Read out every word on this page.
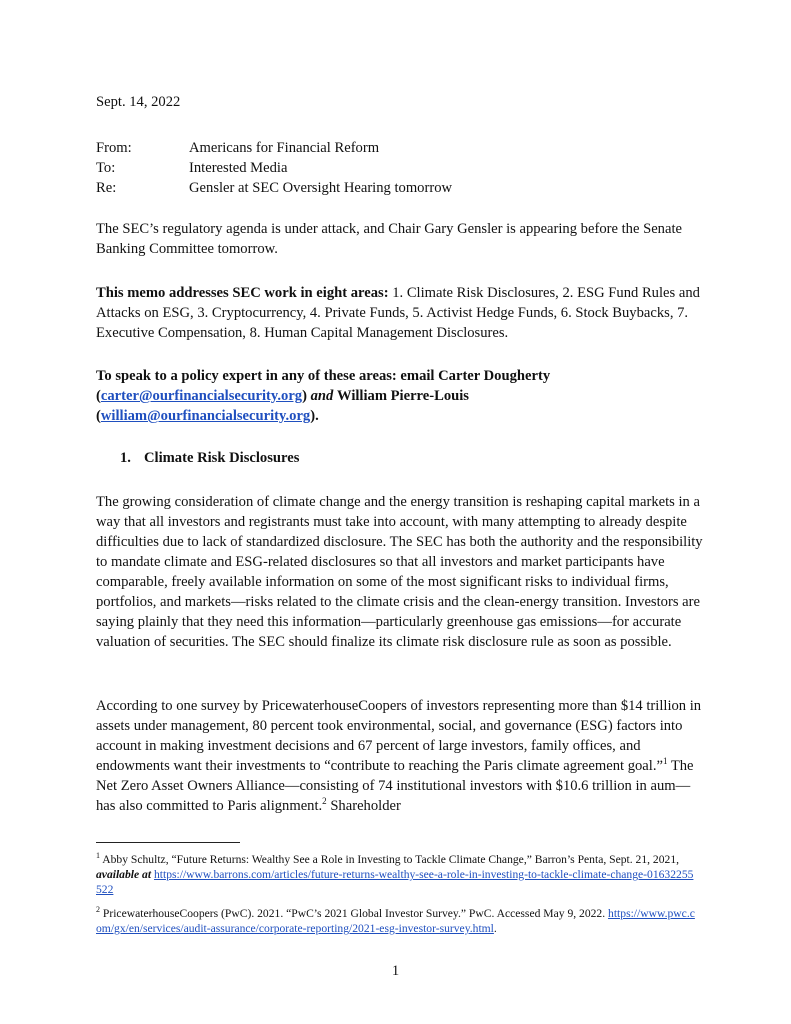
Sept. 14, 2022
From:	Americans for Financial Reform
To:	Interested Media
Re:	Gensler at SEC Oversight Hearing tomorrow

The SEC’s regulatory agenda is under attack, and Chair Gary Gensler is appearing before the Senate Banking Committee tomorrow.

This memo addresses SEC work in eight areas: 1. Climate Risk Disclosures, 2. ESG Fund Rules and Attacks on ESG, 3. Cryptocurrency, 4. Private Funds, 5. Activist Hedge Funds, 6. Stock Buybacks, 7. Executive Compensation, 8. Human Capital Management Disclosures.

To speak to a policy expert in any of these areas: email Carter Dougherty
(carter@ourfinancialsecurity.org) and William Pierre-Louis
(william@ourfinancialsecurity.org).

1. Climate Risk Disclosures

The growing consideration of climate change and the energy transition is reshaping capital markets in a way that all investors and registrants must take into account, with many attempting to already despite difficulties due to lack of standardized disclosure. The SEC has both the authority and the responsibility to mandate climate and ESG-related disclosures so that all investors and market participants have comparable, freely available information on some of the most significant risks to individual firms, portfolios, and markets—risks related to the climate crisis and the clean-energy transition. Investors are saying plainly that they need this information—particularly greenhouse gas emissions—for accurate valuation of securities. The SEC should finalize its climate risk disclosure rule as soon as possible.

According to one survey by PricewaterhouseCoopers of investors representing more than $14 trillion in assets under management, 80 percent took environmental, social, and governance (ESG) factors into account in making investment decisions and 67 percent of large investors, family offices, and endowments want their investments to “contribute to reaching the Paris climate agreement goal.”$^1$ The Net Zero Asset Owners Alliance—consisting of 74 institutional investors with $10.6 trillion in aum—has also committed to Paris alignment.$^2$ Shareholder

$^1$ Abby Schultz, “Future Returns: Wealthy See a Role in Investing to Tackle Climate Change,” Barron’s Penta, Sept. 21, 2021, available at https://www.barrons.com/articles/future-returns-wealthy-see-a-role-in-investing-to-tackle-climate-change-01632255522
$^2$ PricewaterhouseCoopers (PwC). 2021. “PwC’s 2021 Global Investor Survey.” PwC. Accessed May 9, 2022. https://www.pwc.com/gx/en/services/audit-assurance/corporate-reporting/2021-esg-investor-survey.html.
1
